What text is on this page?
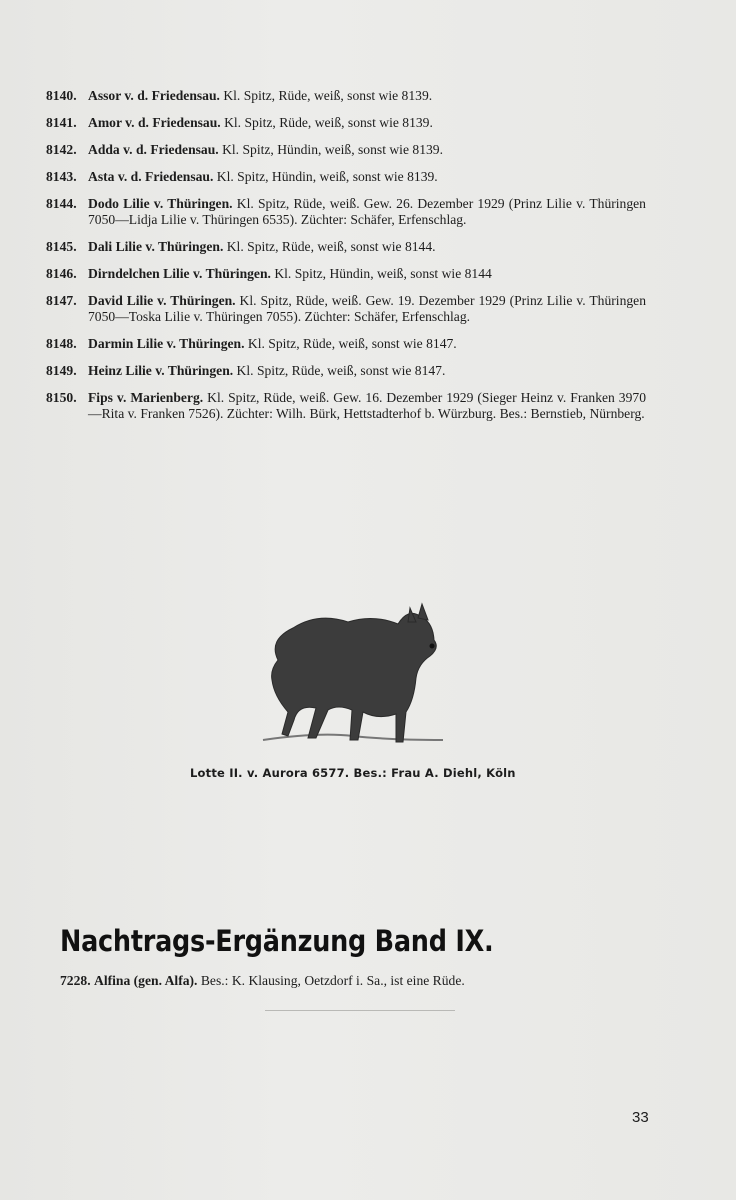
8140. Assor v. d. Friedensau. Kl. Spitz, Rüde, weiß, sonst wie 8139.
8141. Amor v. d. Friedensau. Kl. Spitz, Rüde, weiß, sonst wie 8139.
8142. Adda v. d. Friedensau. Kl. Spitz, Hündin, weiß, sonst wie 8139.
8143. Asta v. d. Friedensau. Kl. Spitz, Hündin, weiß, sonst wie 8139.
8144. Dodo Lilie v. Thüringen. Kl. Spitz, Rüde, weiß. Gew. 26. Dezember 1929 (Prinz Lilie v. Thüringen 7050—Lidja Lilie v. Thüringen 6535). Züchter: Schäfer, Erfenschlag.
8145. Dali Lilie v. Thüringen. Kl. Spitz, Rüde, weiß, sonst wie 8144.
8146. Dirndelchen Lilie v. Thüringen. Kl. Spitz, Hündin, weiß, sonst wie 8144
8147. David Lilie v. Thüringen. Kl. Spitz, Rüde, weiß. Gew. 19. Dezember 1929 (Prinz Lilie v. Thüringen 7050—Toska Lilie v. Thüringen 7055). Züchter: Schäfer, Erfenschlag.
8148. Darmin Lilie v. Thüringen. Kl. Spitz, Rüde, weiß, sonst wie 8147.
8149. Heinz Lilie v. Thüringen. Kl. Spitz, Rüde, weiß, sonst wie 8147.
8150. Fips v. Marienberg. Kl. Spitz, Rüde, weiß. Gew. 16. Dezember 1929 (Sieger Heinz v. Franken 3970—Rita v. Franken 7526). Züchter: Wilh. Bürk, Hettstadterhof b. Würzburg. Bes.: Bernstieb, Nürnberg.
Lotte II. v. Aurora 6577. Bes.: Frau A. Diehl, Köln
Nachtrags-Ergänzung Band IX.
7228. Alfina (gen. Alfa). Bes.: K. Klausing, Oetzdorf i. Sa., ist eine Rüde.
33
